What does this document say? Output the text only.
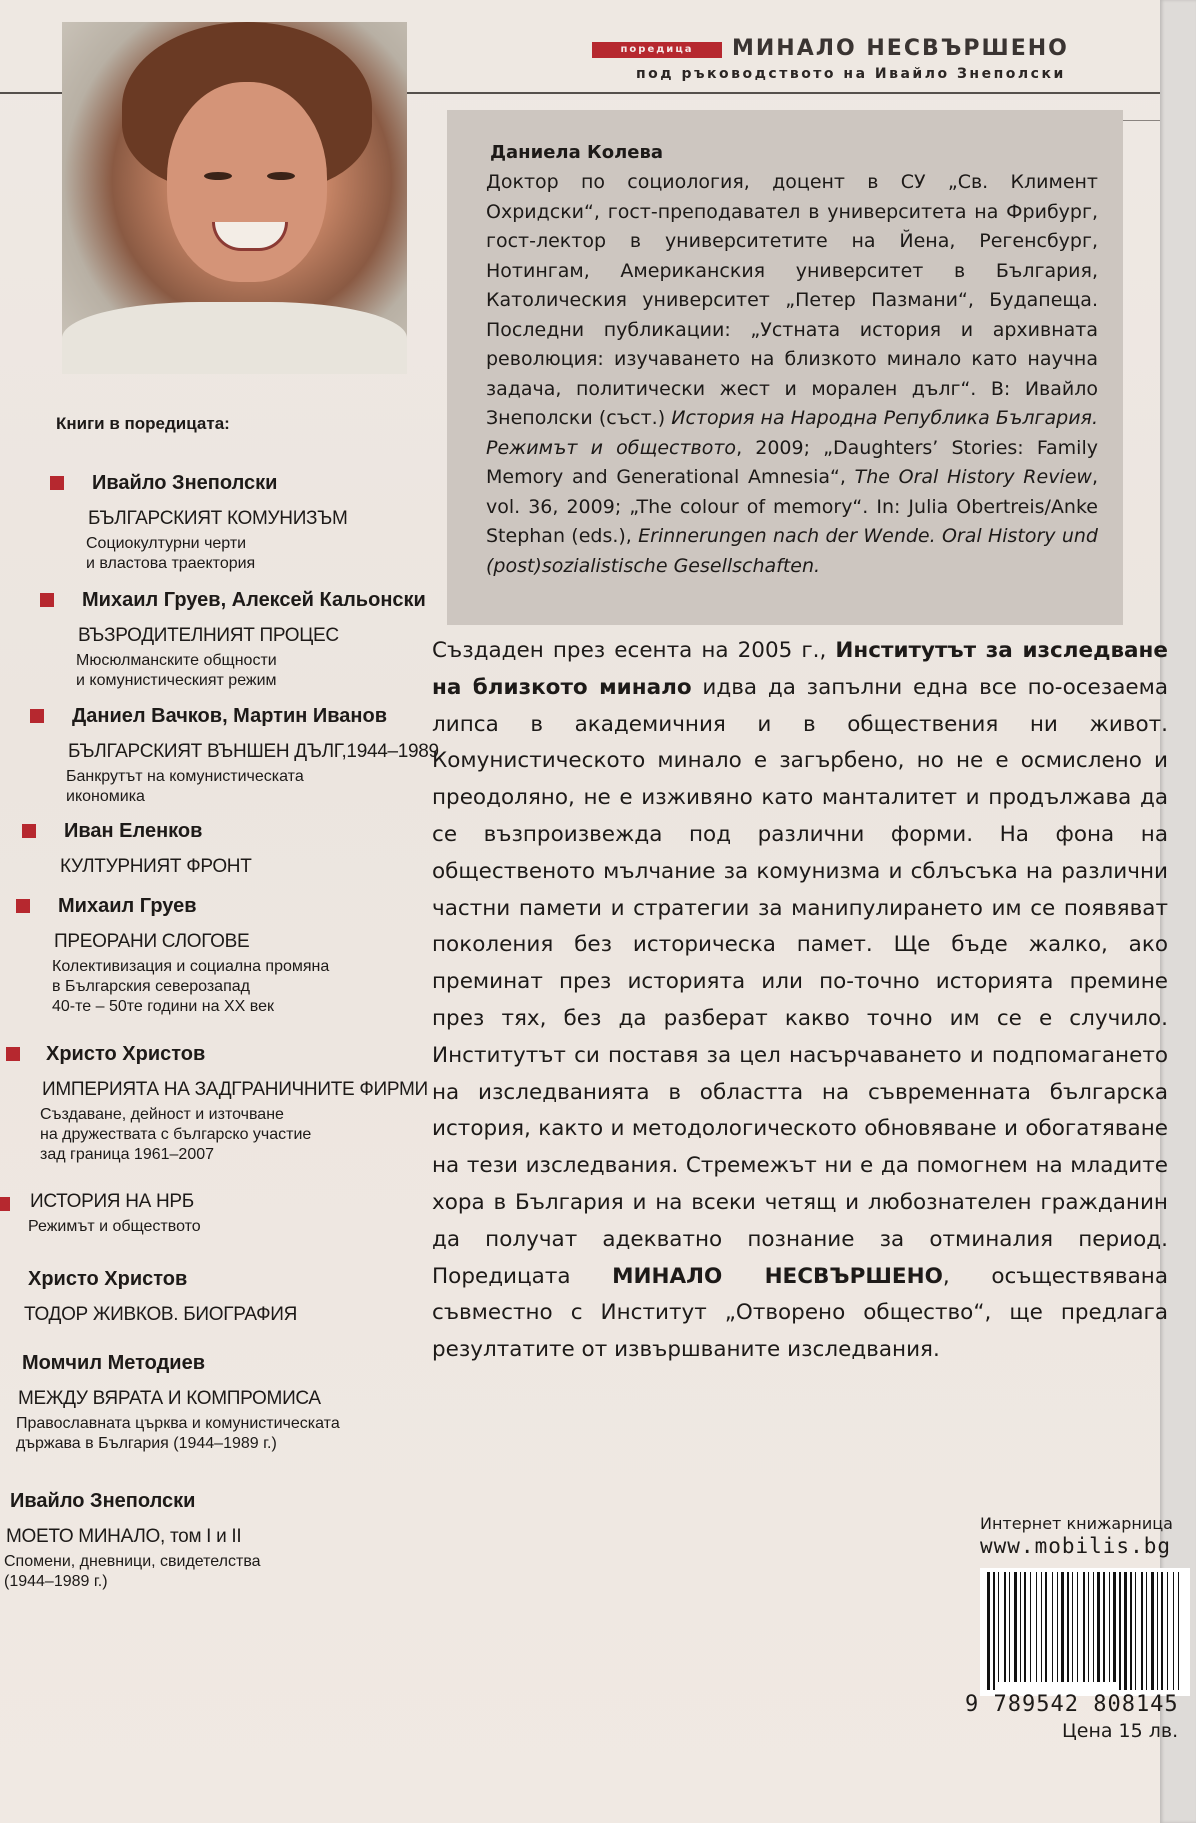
поредица	МИНАЛО НЕСВЪРШЕНО
под ръководството на Ивайло Знеполски
Даниела Колева
Доктор по социология, доцент в СУ „Св. Климент Охридски“, гост-преподавател в университета на Фрибург, гост-лектор в университетите на Йена, Регенсбург, Нотингам, Американския университет в България, Католическия университет „Петер Пазмани“, Будапеща. Последни публикации: „Устната история и архивната революция: изучаването на близкото минало като научна задача, политически жест и морален дълг“. В: Ивайло Знеполски (съст.) История на Народна Република България. Режимът и обществото, 2009; „Daughters’ Stories: Family Memory and Generational Amnesia“, The Oral History Review, vol. 36, 2009; „The colour of memory“. In: Julia Obertreis/Anke Stephan (eds.), Erinnerungen nach der Wende. Oral History und (post)sozialistische Gesellschaften.
Книги в поредицата:
Ивайло Знеполски
БЪЛГАРСКИЯТ КОМУНИЗЪМ
Социокултурни черти
и властова траектория
Михаил Груев, Алексей Кальонски
ВЪЗРОДИТЕЛНИЯТ ПРОЦЕС
Мюсюлманските общности
и комунистическият режим
Даниел Вачков, Мартин Иванов
БЪЛГАРСКИЯТ ВЪНШЕН ДЪЛГ,1944–1989
Банкрутът на комунистическата
икономика
Иван Еленков
КУЛТУРНИЯТ ФРОНТ
Михаил Груев
ПРЕОРАНИ СЛОГОВЕ
Колективизация и социална промяна
в Българския северозапад
40-те – 50те години на XX век
Христо Христов
ИМПЕРИЯТА НА ЗАДГРАНИЧНИТЕ ФИРМИ
Създаване, дейност и източване
на дружествата с българско участие
зад граница 1961–2007
ИСТОРИЯ НА НРБ
Режимът и обществото
Христо Христов
ТОДОР ЖИВКОВ. БИОГРАФИЯ
Момчил Методиев
МЕЖДУ ВЯРАТА И КОМПРОМИСА
Православната църква и комунистическата
държава в България (1944–1989 г.)
Ивайло Знеполски
МОЕТО МИНАЛО, том I и II
Спомени, дневници, свидетелства
(1944–1989 г.)
Създаден през есента на 2005 г., Институтът за изследване на близкото минало идва да запълни една все по-осезаема липса в академичния и в обществения ни живот. Комунистическото минало е загърбено, но не е осмислено и преодоляно, не е изживяно като манталитет и продължава да се възпроизвежда под различни форми. На фона на общественото мълчание за комунизма и сблъсъка на различни частни памети и стратегии за манипулирането им се появяват поколения без историческа памет. Ще бъде жалко, ако преминат през историята или по-точно историята премине през тях, без да разберат какво точно им се е случило. Институтът си поставя за цел насърчаването и подпомагането на изследванията в областта на съвременната българска история, както и методологическото обновяване и обогатяване на тези изследвания. Стремежът ни е да помогнем на младите хора в България и на всеки четящ и любознателен гражданин да получат адекватно познание за отминалия период. Поредицата МИНАЛО НЕСВЪРШЕНО, осъществявана съвместно с Институт „Отворено общество“, ще предлага резултатите от извършваните изследвания.
Интернет книжарница
www.mobilis.bg
9 789542 808145
Цена 15 лв.
